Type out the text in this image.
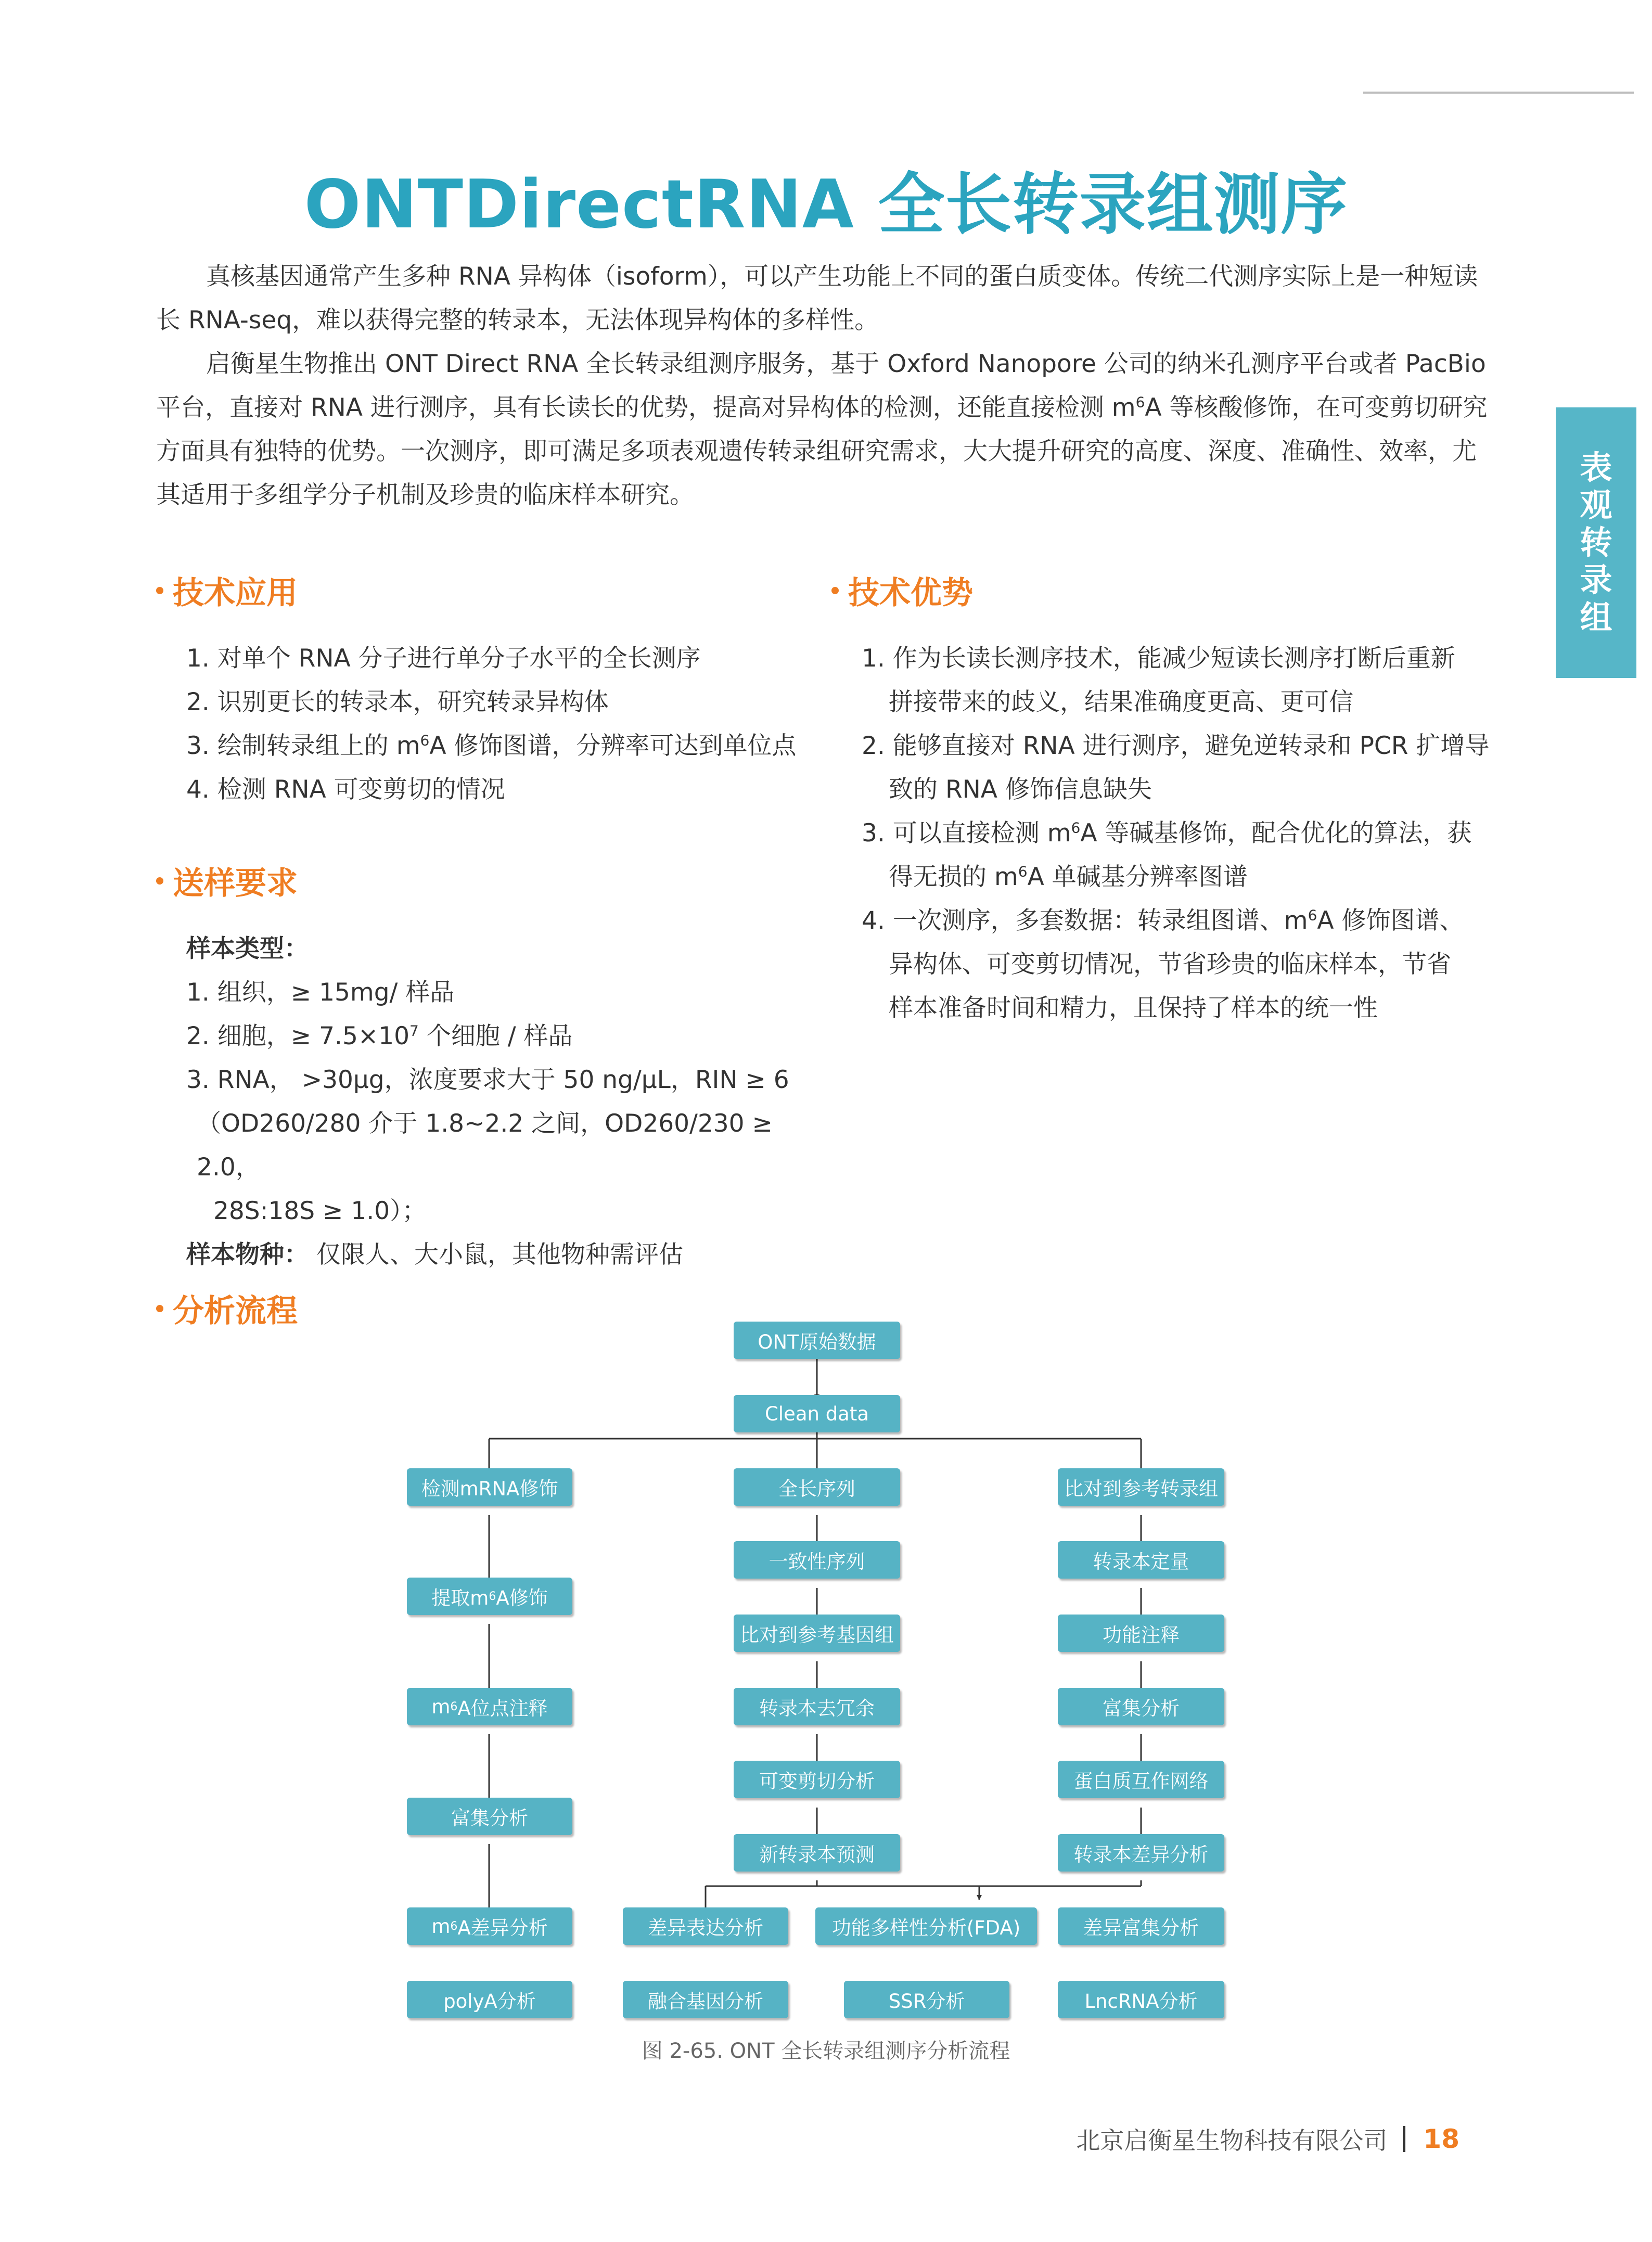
ONTDirectRNA 全长转录组测序

真核基因通常产生多种 RNA 异构体（isoform），可以产生功能上不同的蛋白质变体。传统二代测序实际上是一种短读长 RNA-seq，难以获得完整的转录本，无法体现异构体的多样性。

启衡星生物推出 ONT Direct RNA 全长转录组测序服务，基于 Oxford Nanopore 公司的纳米孔测序平台或者 PacBio 平台，直接对 RNA 进行测序，具有长读长的优势，提高对异构体的检测，还能直接检测 $m^6A$ 等核酸修饰，在可变剪切研究方面具有独特的优势。一次测序，即可满足多项表观遗传转录组研究需求，大大提升研究的高度、深度、准确性、效率，尤其适用于多组学分子机制及珍贵的临床样本研究。

表
观
转
录
组
技术应用
1. 对单个 RNA 分子进行单分子水平的全长测序
2. 识别更长的转录本，研究转录异构体
3. 绘制转录组上的 $m^6A$ 修饰图谱，分辨率可达到单位点
4. 检测 RNA 可变剪切的情况
送样要求
样本类型：
1. 组织，≥ 15mg/ 样品
2. 细胞，≥ $7.5\times 10^7$ 个细胞 / 样品
3. RNA， >30μg，浓度要求大于 50 ng/μL，RIN ≥ 6
（OD260/280 介于 1.8~2.2 之间，OD260/230 ≥ 2.0，
28S:18S ≥ 1.0）；
样本物种： 仅限人、大小鼠，其他物种需评估
技术优势
1. 作为长读长测序技术，能减少短读长测序打断后重新
拼接带来的歧义，结果准确度更高、更可信
2. 能够直接对 RNA 进行测序，避免逆转录和 PCR 扩增导
致的 RNA 修饰信息缺失
3. 可以直接检测 $m^6A$ 等碱基修饰，配合优化的算法，获
得无损的 $m^6A$ 单碱基分辨率图谱
4. 一次测序，多套数据：转录组图谱、$m^6A$ 修饰图谱、
异构体、可变剪切情况，节省珍贵的临床样本，节省
样本准备时间和精力，且保持了样本的统一性
分析流程
ONT原始数据
Clean data
全长序列
一致性序列
比对到参考基因组
转录本去冗余
可变剪切分析
新转录本预测
检测mRNA修饰
提取m 6 A修饰
m 6 A位点注释
富集分析
m 6 A差异分析
polyA分析
比对到参考转录组
转录本定量
功能注释
富集分析
蛋白质互作网络
转录本差异分析
差异表达分析	功能多样性分析(FDA)	差异富集分析
融合基因分析	SSR分析	LncRNA分析
图 2-65. ONT 全长转录组测序分析流程
北京启衡星生物科技有限公司 18
